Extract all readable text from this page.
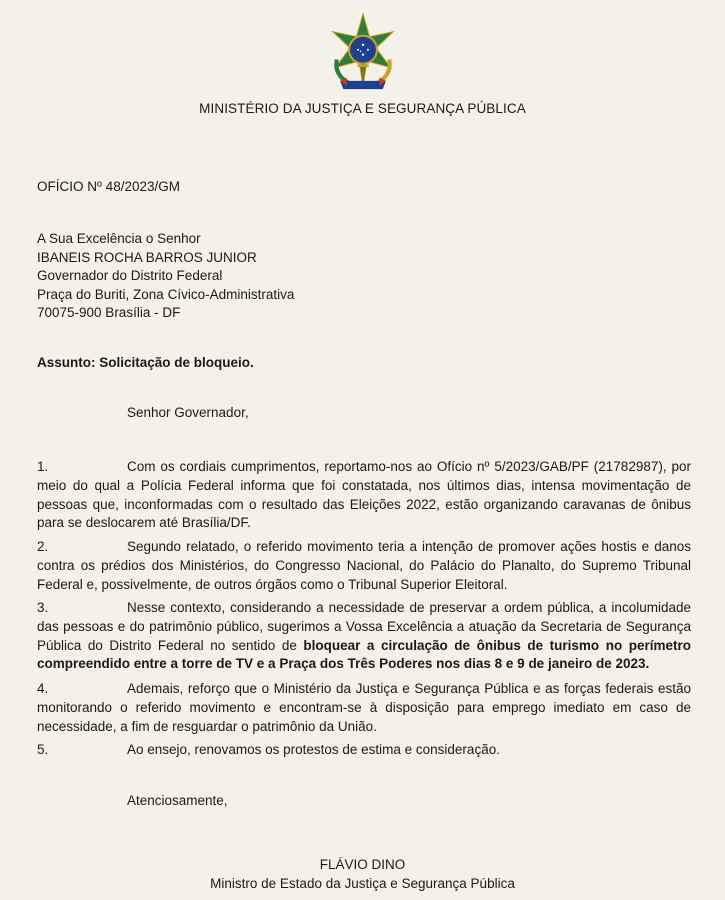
MINISTÉRIO DA JUSTIÇA E SEGURANÇA PÚBLICA
OFÍCIO Nº 48/2023/GM
A Sua Excelência o Senhor
IBANEIS ROCHA BARROS JUNIOR
Governador do Distrito Federal
Praça do Buriti, Zona Cívico-Administrativa
70075-900 Brasília - DF
Assunto: Solicitação de bloqueio.
Senhor Governador,
1.	Com os cordiais cumprimentos, reportamo-nos ao Ofício nº 5/2023/GAB/PF (21782987), por meio do qual a Polícia Federal informa que foi constatada, nos últimos dias, intensa movimentação de pessoas que, inconformadas com o resultado das Eleições 2022, estão organizando caravanas de ônibus para se deslocarem até Brasília/DF.
2.	Segundo relatado, o referido movimento teria a intenção de promover ações hostis e danos contra os prédios dos Ministérios, do Congresso Nacional, do Palácio do Planalto, do Supremo Tribunal Federal e, possivelmente, de outros órgãos como o Tribunal Superior Eleitoral.
3.	Nesse contexto, considerando a necessidade de preservar a ordem pública, a incolumidade das pessoas e do patrimônio público, sugerimos a Vossa Excelência a atuação da Secretaria de Segurança Pública do Distrito Federal no sentido de bloquear a circulação de ônibus de turismo no perímetro compreendido entre a torre de TV e a Praça dos Três Poderes nos dias 8 e 9 de janeiro de 2023.
4.	Ademais, reforço que o Ministério da Justiça e Segurança Pública e as forças federais estão monitorando o referido movimento e encontram-se à disposição para emprego imediato em caso de necessidade, a fim de resguardar o patrimônio da União.
5.	Ao ensejo, renovamos os protestos de estima e consideração.
Atenciosamente,
FLÁVIO DINO
Ministro de Estado da Justiça e Segurança Pública
